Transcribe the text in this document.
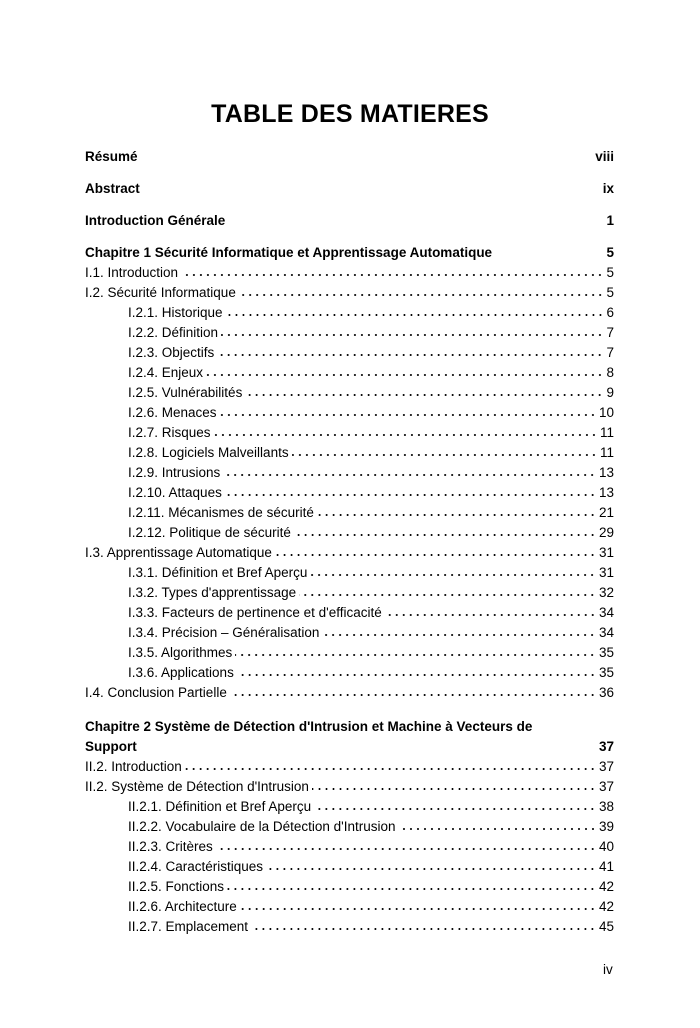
TABLE DES MATIERES
Résumé	viii
Abstract	ix
Introduction Générale	1
Chapitre 1 Sécurité Informatique et Apprentissage Automatique	5
I.1. Introduction	5
I.2. Sécurité Informatique	5
I.2.1. Historique	6
I.2.2. Définition	7
I.2.3. Objectifs	7
I.2.4. Enjeux	8
I.2.5. Vulnérabilités	9
I.2.6. Menaces	10
I.2.7. Risques	11
I.2.8. Logiciels Malveillants	11
I.2.9. Intrusions	13
I.2.10. Attaques	13
I.2.11. Mécanismes de sécurité	21
I.2.12. Politique de sécurité	29
I.3. Apprentissage Automatique	31
I.3.1. Définition et Bref Aperçu	31
I.3.2. Types d'apprentissage	32
I.3.3. Facteurs de pertinence et d'efficacité	34
I.3.4. Précision – Généralisation	34
I.3.5. Algorithmes	35
I.3.6. Applications	35
I.4. Conclusion Partielle	36
Chapitre 2 Système de Détection d'Intrusion et Machine à Vecteurs de
Support	37
II.2. Introduction	37
II.2. Système de Détection d'Intrusion	37
II.2.1. Définition et Bref Aperçu	38
II.2.2. Vocabulaire de la Détection d'Intrusion	39
II.2.3. Critères	40
II.2.4. Caractéristiques	41
II.2.5. Fonctions	42
II.2.6. Architecture	42
II.2.7. Emplacement	45
iv
